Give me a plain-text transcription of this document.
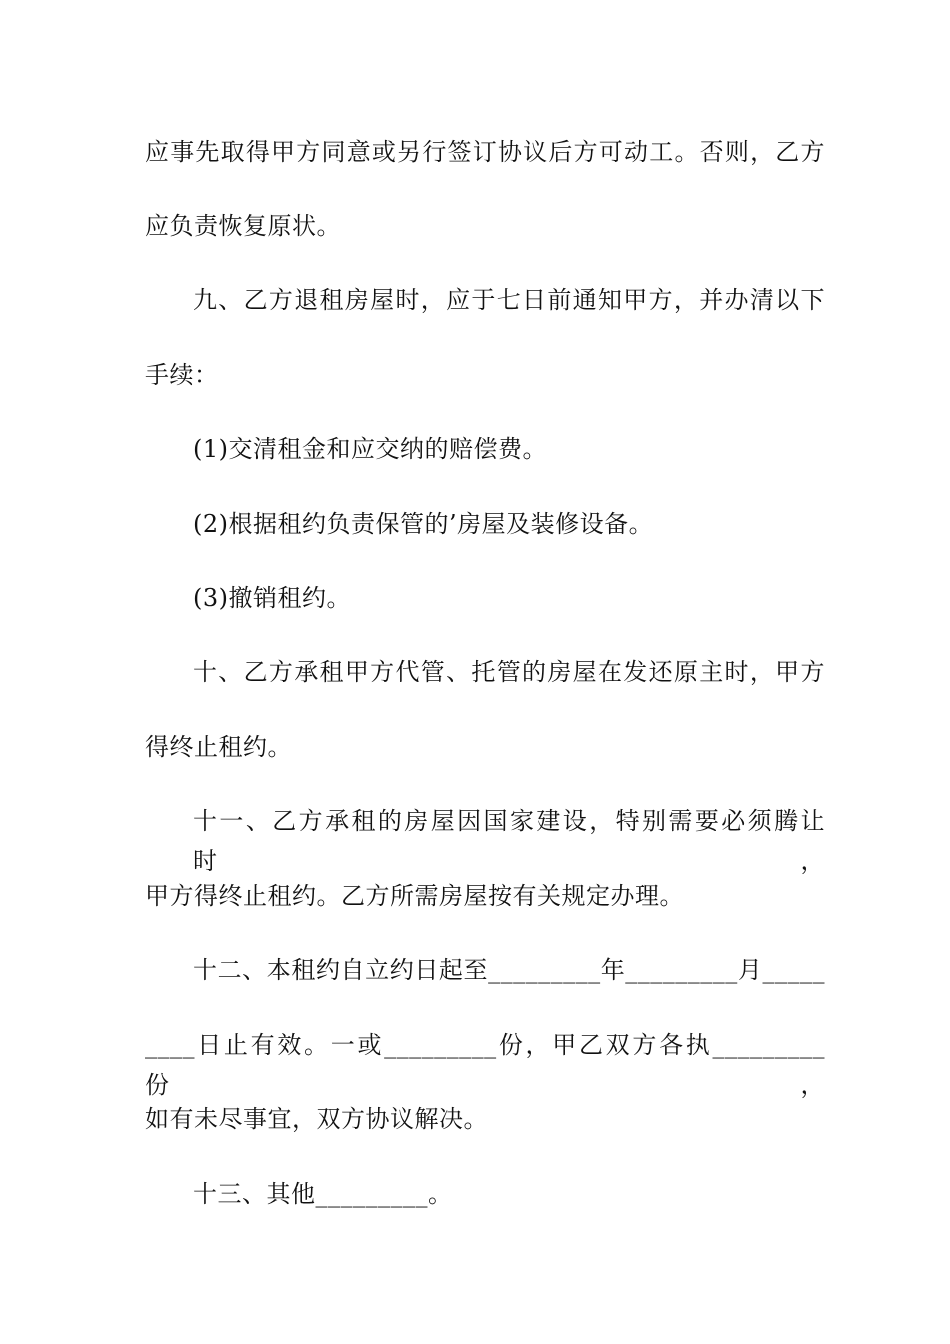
应事先取得甲方同意或另行签订协议后方可动工。否则，乙方
应负责恢复原状。
九、乙方退租房屋时，应于七日前通知甲方，并办清以下
手续：
(1)交清租金和应交纳的赔偿费。
(2)根据租约负责保管的’房屋及装修设备。
(3)撤销租约。
十、乙方承租甲方代管、托管的房屋在发还原主时，甲方
得终止租约。
十一、乙方承租的房屋因国家建设，特别需要必须腾让时，
甲方得终止租约。乙方所需房屋按有关规定办理。
十二、本租约自立约日起至_________年_________月_____
____日止有效。一或_________份，甲乙双方各执_________份，
如有未尽事宜，双方协议解决。
十三、其他_________。
